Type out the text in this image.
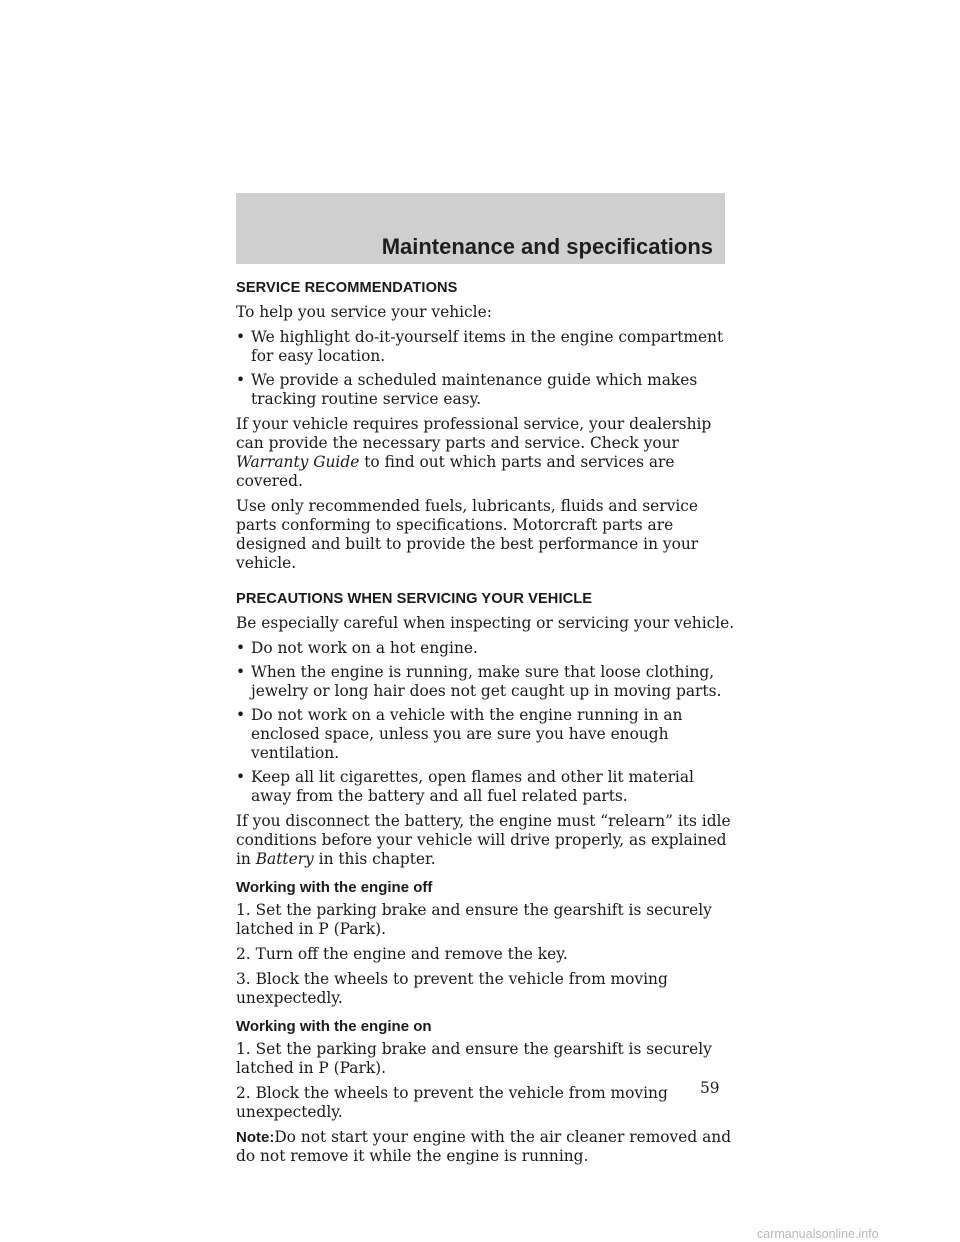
Maintenance and specifications
SERVICE RECOMMENDATIONS

To help you service your vehicle:

• We highlight do-it-yourself items in the engine compartment for easy location.
• We provide a scheduled maintenance guide which makes tracking routine service easy.

If your vehicle requires professional service, your dealership can provide the necessary parts and service. Check your Warranty Guide to find out which parts and services are covered.

Use only recommended fuels, lubricants, fluids and service parts conforming to specifications. Motorcraft parts are designed and built to provide the best performance in your vehicle.

PRECAUTIONS WHEN SERVICING YOUR VEHICLE

Be especially careful when inspecting or servicing your vehicle.

• Do not work on a hot engine.
• When the engine is running, make sure that loose clothing, jewelry or long hair does not get caught up in moving parts.
• Do not work on a vehicle with the engine running in an enclosed space, unless you are sure you have enough ventilation.
• Keep all lit cigarettes, open flames and other lit material away from the battery and all fuel related parts.

If you disconnect the battery, the engine must “relearn” its idle conditions before your vehicle will drive properly, as explained in Battery in this chapter.

Working with the engine off

1. Set the parking brake and ensure the gearshift is securely latched in P (Park).

2. Turn off the engine and remove the key.

3. Block the wheels to prevent the vehicle from moving unexpectedly.

Working with the engine on

1. Set the parking brake and ensure the gearshift is securely latched in P (Park).

2. Block the wheels to prevent the vehicle from moving unexpectedly.

Note:Do not start your engine with the air cleaner removed and do not remove it while the engine is running.

59
carmanualsonline.info
